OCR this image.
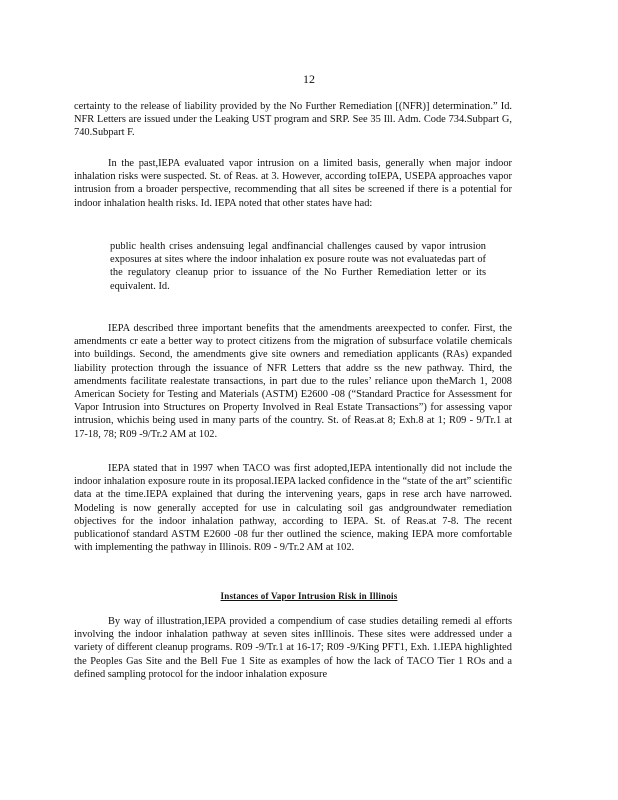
12

certainty to the release of liability provided by the No Further Remediation [(NFR)] determination.” Id. NFR Letters are issued under the Leaking UST program and SRP. See 35 Ill. Adm. Code 734.Subpart G, 740.Subpart F.

In the past,IEPA evaluated vapor intrusion on a limited basis, generally when major indoor inhalation risks were suspected. St. of Reas. at 3. However, according toIEPA, USEPA approaches vapor intrusion from a broader perspective, recommending that all sites be screened if there is a potential for indoor inhalation health risks. Id. IEPA noted that other states have had:

public health crises andensuing legal andfinancial challenges caused by vapor intrusion exposures at sites where the indoor inhalation ex posure route was not evaluatedas part of the regulatory cleanup prior to issuance of the No Further Remediation letter or its equivalent. Id.

IEPA described three important benefits that the amendments areexpected to confer. First, the amendments cr eate a better way to protect citizens from the migration of subsurface volatile chemicals into buildings. Second, the amendments give site owners and remediation applicants (RAs) expanded liability protection through the issuance of NFR Letters that addre ss the new pathway. Third, the amendments facilitate realestate transactions, in part due to the rules’ reliance upon theMarch 1, 2008 American Society for Testing and Materials (ASTM) E2600 -08 (“Standard Practice for Assessment for Vapor Intrusion into Structures on Property Involved in Real Estate Transactions”) for assessing vapor intrusion, whichis being used in many parts of the country. St. of Reas.at 8; Exh.8 at 1; R09 - 9/Tr.1 at 17-18, 78; R09 -9/Tr.2 AM at 102.

IEPA stated that in 1997 when TACO was first adopted,IEPA intentionally did not include the indoor inhalation exposure route in its proposal.IEPA lacked confidence in the “state of the art” scientific data at the time.IEPA explained that during the intervening years, gaps in rese arch have narrowed. Modeling is now generally accepted for use in calculating soil gas andgroundwater remediation objectives for the indoor inhalation pathway, according to IEPA. St. of Reas.at 7-8. The recent publicationof standard ASTM E2600 -08 fur ther outlined the science, making IEPA more comfortable with implementing the pathway in Illinois. R09 - 9/Tr.2 AM at 102.

Instances of Vapor Intrusion Risk in Illinois

By way of illustration,IEPA provided a compendium of case studies detailing remedi al efforts involving the indoor inhalation pathway at seven sites inIllinois. These sites were addressed under a variety of different cleanup programs. R09 -9/Tr.1 at 16-17; R09 -9/King PFT1, Exh. 1.IEPA highlighted the Peoples Gas Site and the Bell Fue 1 Site as examples of how the lack of TACO Tier 1 ROs and a defined sampling protocol for the indoor inhalation exposure
